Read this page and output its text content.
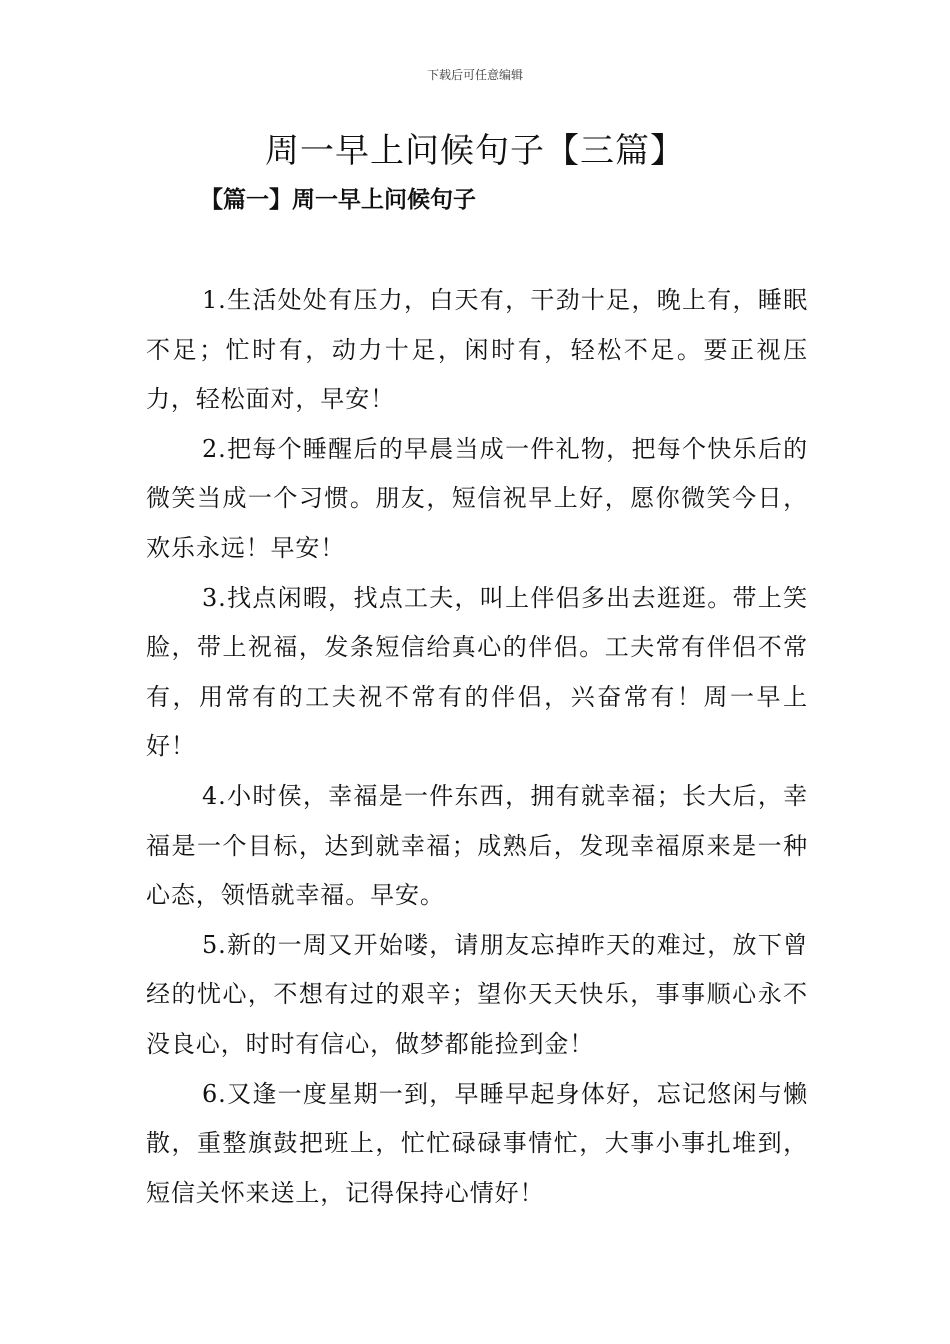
下载后可任意编辑
周一早上问候句子【三篇】
【篇一】周一早上问候句子

1.生活处处有压力，白天有，干劲十足，晚上有，睡眠不足；忙时有，动力十足，闲时有，轻松不足。要正视压力，轻松面对，早安！

2.把每个睡醒后的早晨当成一件礼物，把每个快乐后的微笑当成一个习惯。朋友，短信祝早上好，愿你微笑今日，欢乐永远！早安！

3.找点闲暇，找点工夫，叫上伴侣多出去逛逛。带上笑脸，带上祝福，发条短信给真心的伴侣。工夫常有伴侣不常有，用常有的工夫祝不常有的伴侣，兴奋常有！周一早上好！

4.小时侯，幸福是一件东西，拥有就幸福；长大后，幸福是一个目标，达到就幸福；成熟后，发现幸福原来是一种心态，领悟就幸福。早安。

5.新的一周又开始喽，请朋友忘掉昨天的难过，放下曾经的忧心，不想有过的艰辛；望你天天快乐，事事顺心永不没良心，时时有信心，做梦都能捡到金！

6.又逢一度星期一到，早睡早起身体好，忘记悠闲与懒散，重整旗鼓把班上，忙忙碌碌事情忙，大事小事扎堆到，短信关怀来送上，记得保持心情好！
